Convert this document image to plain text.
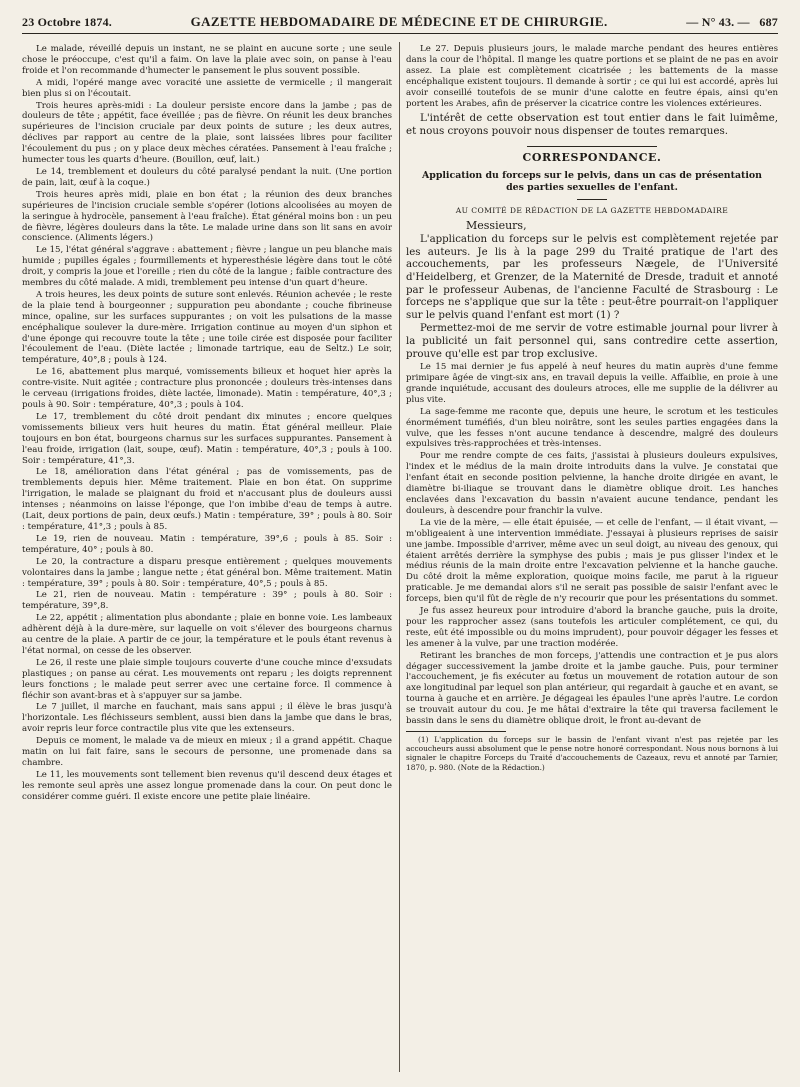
23 Octobre 1874.	GAZETTE HEBDOMADAIRE DE MÉDECINE ET DE CHIRURGIE.	— N° 43. — 687

Le malade, réveillé depuis un instant, ne se plaint en aucune sorte ; une seule chose le préoccupe, c'est qu'il a faim. On lave la plaie avec soin, on panse à l'eau froide et l'on recommande d'humecter le pansement le plus souvent possible.

A midi, l'opéré mange avec voracité une assiette de vermicelle ; il mangerait bien plus si on l'écoutait.

Trois heures après-midi : La douleur persiste encore dans la jambe ; pas de douleurs de tête ; appétit, face éveillée ; pas de fièvre. On réunit les deux branches supérieures de l'incision cruciale par deux points de suture ; les deux autres, déclives par rapport au centre de la plaie, sont laissées libres pour faciliter l'écoulement du pus ; on y place deux mèches cératées. Pansement à l'eau fraîche ; humecter tous les quarts d'heure. (Bouillon, œuf, lait.)

Le 14, tremblement et douleurs du côté paralysé pendant la nuit. (Une portion de pain, lait, œuf à la coque.)

Trois heures après midi, plaie en bon état ; la réunion des deux branches supérieures de l'incision cruciale semble s'opérer (lotions alcoolisées au moyen de la seringue à hydrocèle, pansement à l'eau fraîche). État général moins bon : un peu de fièvre, légères douleurs dans la tête. Le malade urine dans son lit sans en avoir conscience. (Aliments légers.)

Le 15, l'état général s'aggrave : abattement ; fièvre ; langue un peu blanche mais humide ; pupilles égales ; fourmillements et hyperesthésie légère dans tout le côté droit, y compris la joue et l'oreille ; rien du côté de la langue ; faible contracture des membres du côté malade. A midi, tremblement peu intense d'un quart d'heure.

A trois heures, les deux points de suture sont enlevés. Réunion achevée ; le reste de la plaie tend à bourgeonner ; suppuration peu abondante ; couche fibrineuse mince, opaline, sur les surfaces suppurantes ; on voit les pulsations de la masse encéphalique soulever la dure-mère. Irrigation continue au moyen d'un siphon et d'une éponge qui recouvre toute la tête ; une toile cirée est disposée pour faciliter l'écoulement de l'eau. (Diète lactée ; limonade tartrique, eau de Seltz.) Le soir, température, 40°,8 ; pouls à 124.

Le 16, abattement plus marqué, vomissements bilieux et hoquet hier après la contre-visite. Nuit agitée ; contracture plus prononcée ; douleurs très-intenses dans le cerveau (irrigations froides, diète lactée, limonade). Matin : température, 40°,3 ; pouls à 90. Soir : température, 40°,3 ; pouls à 104.

Le 17, tremblement du côté droit pendant dix minutes ; encore quelques vomissements bilieux vers huit heures du matin. État général meilleur. Plaie toujours en bon état, bourgeons charnus sur les surfaces suppurantes. Pansement à l'eau froide, irrigation (lait, soupe, œuf). Matin : température, 40°,3 ; pouls à 100. Soir : température, 41°,3.

Le 18, amélioration dans l'état général ; pas de vomissements, pas de tremblements depuis hier. Même traitement. Plaie en bon état. On supprime l'irrigation, le malade se plaignant du froid et n'accusant plus de douleurs aussi intenses ; néanmoins on laisse l'éponge, que l'on imbibe d'eau de temps à autre. (Lait, deux portions de pain, deux œufs.) Matin : température, 39° ; pouls à 80. Soir : température, 41°,3 ; pouls à 85.

Le 19, rien de nouveau. Matin : température, 39°,6 ; pouls à 85. Soir : température, 40° ; pouls à 80.

Le 20, la contracture a disparu presque entièrement ; quelques mouvements volontaires dans la jambe ; langue nette ; état général bon. Même traitement. Matin : température, 39° ; pouls à 80. Soir : température, 40°,5 ; pouls à 85.

Le 21, rien de nouveau. Matin : température : 39° ; pouls à 80. Soir : température, 39°,8.

Le 22, appétit ; alimentation plus abondante ; plaie en bonne voie. Les lambeaux adhèrent déjà à la dure-mère, sur laquelle on voit s'élever des bourgeons charnus au centre de la plaie. A partir de ce jour, la température et le pouls étant revenus à l'état normal, on cesse de les observer.

Le 26, il reste une plaie simple toujours couverte d'une couche mince d'exsudats plastiques ; on panse au cérat. Les mouvements ont reparu ; les doigts reprennent leurs fonctions ; le malade peut serrer avec une certaine force. Il commence à fléchir son avant-bras et à s'appuyer sur sa jambe.

Le 7 juillet, il marche en fauchant, mais sans appui ; il élève le bras jusqu'à l'horizontale. Les fléchisseurs semblent, aussi bien dans la jambe que dans le bras, avoir repris leur force contractile plus vite que les extenseurs.

Depuis ce moment, le malade va de mieux en mieux ; il a grand appétit. Chaque matin on lui fait faire, sans le secours de personne, une promenade dans sa chambre.

Le 11, les mouvements sont tellement bien revenus qu'il descend deux étages et les remonte seul après une assez longue promenade dans la cour. On peut donc le considérer comme guéri. Il existe encore une petite plaie linéaire.

Le 27. Depuis plusieurs jours, le malade marche pendant des heures entières dans la cour de l'hôpital. Il mange les quatre portions et se plaint de ne pas en avoir assez. La plaie est complètement cicatrisée ; les battements de la masse encéphalique existent toujours. Il demande à sortir ; ce qui lui est accordé, après lui avoir conseillé toutefois de se munir d'une calotte en feutre épais, ainsi qu'en portent les Arabes, afin de préserver la cicatrice contre les violences extérieures.

L'intérêt de cette observation est tout entier dans le fait luimême, et nous croyons pouvoir nous dispenser de toutes remarques.

CORRESPONDANCE.
Application du forceps sur le pelvis, dans un cas de présentation des parties sexuelles de l'enfant.
AU COMITÉ DE RÉDACTION DE LA GAZETTE HEBDOMADAIRE
Messieurs,

L'application du forceps sur le pelvis est complètement rejetée par les auteurs. Je lis à la page 299 du Traité pratique de l'art des accouchements, par les professeurs Nægele, de l'Université d'Heidelberg, et Grenzer, de la Maternité de Dresde, traduit et annoté par le professeur Aubenas, de l'ancienne Faculté de Strasbourg : Le forceps ne s'applique que sur la tête : peut-être pourrait-on l'appliquer sur le pelvis quand l'enfant est mort (1) ?

Permettez-moi de me servir de votre estimable journal pour livrer à la publicité un fait personnel qui, sans contredire cette assertion, prouve qu'elle est par trop exclusive.

Le 15 mai dernier je fus appelé à neuf heures du matin auprès d'une femme primipare âgée de vingt-six ans, en travail depuis la veille. Affaiblie, en proie à une grande inquiétude, accusant des douleurs atroces, elle me supplie de la délivrer au plus vite.

La sage-femme me raconte que, depuis une heure, le scrotum et les testicules énormément tuméfiés, d'un bleu noirâtre, sont les seules parties engagées dans la vulve, que les fesses n'ont aucune tendance à descendre, malgré des douleurs expulsives très-rapprochées et très-intenses.

Pour me rendre compte de ces faits, j'assistai à plusieurs douleurs expulsives, l'index et le médius de la main droite introduits dans la vulve. Je constatai que l'enfant était en seconde position pelvienne, la hanche droite dirigée en avant, le diamètre bi-iliaque se trouvant dans le diamètre oblique droit. Les hanches enclavées dans l'excavation du bassin n'avaient aucune tendance, pendant les douleurs, à descendre pour franchir la vulve.

La vie de la mère, — elle était épuisée, — et celle de l'enfant, — il était vivant, — m'obligeaient à une intervention immédiate. J'essayai à plusieurs reprises de saisir une jambe. Impossible d'arriver, même avec un seul doigt, au niveau des genoux, qui étaient arrêtés derrière la symphyse des pubis ; mais je pus glisser l'index et le médius réunis de la main droite entre l'excavation pelvienne et la hanche gauche. Du côté droit la même exploration, quoique moins facile, me parut à la rigueur praticable. Je me demandai alors s'il ne serait pas possible de saisir l'enfant avec le forceps, bien qu'il fût de règle de n'y recourir que pour les présentations du sommet.

Je fus assez heureux pour introduire d'abord la branche gauche, puis la droite, pour les rapprocher assez (sans toutefois les articuler complétement, ce qui, du reste, eût été impossible ou du moins imprudent), pour pouvoir dégager les fesses et les amener à la vulve, par une traction modérée.

Retirant les branches de mon forceps, j'attendis une contraction et je pus alors dégager successivement la jambe droite et la jambe gauche. Puis, pour terminer l'accouchement, je fis exécuter au fœtus un mouvement de rotation autour de son axe longitudinal par lequel son plan antérieur, qui regardait à gauche et en avant, se tourna à gauche et en arrière. Je dégageai les épaules l'une après l'autre. Le cordon se trouvait autour du cou. Je me hâtai d'extraire la tête qui traversa facilement le bassin dans le sens du diamètre oblique droit, le front au-devant de

(1) L'application du forceps sur le bassin de l'enfant vivant n'est pas rejetée par les accoucheurs aussi absolument que le pense notre honoré correspondant. Nous nous bornons à lui signaler le chapitre Forceps du Traité d'accouchements de Cazeaux, revu et annoté par Tarnier, 1870, p. 980. (Note de la Rédaction.)
